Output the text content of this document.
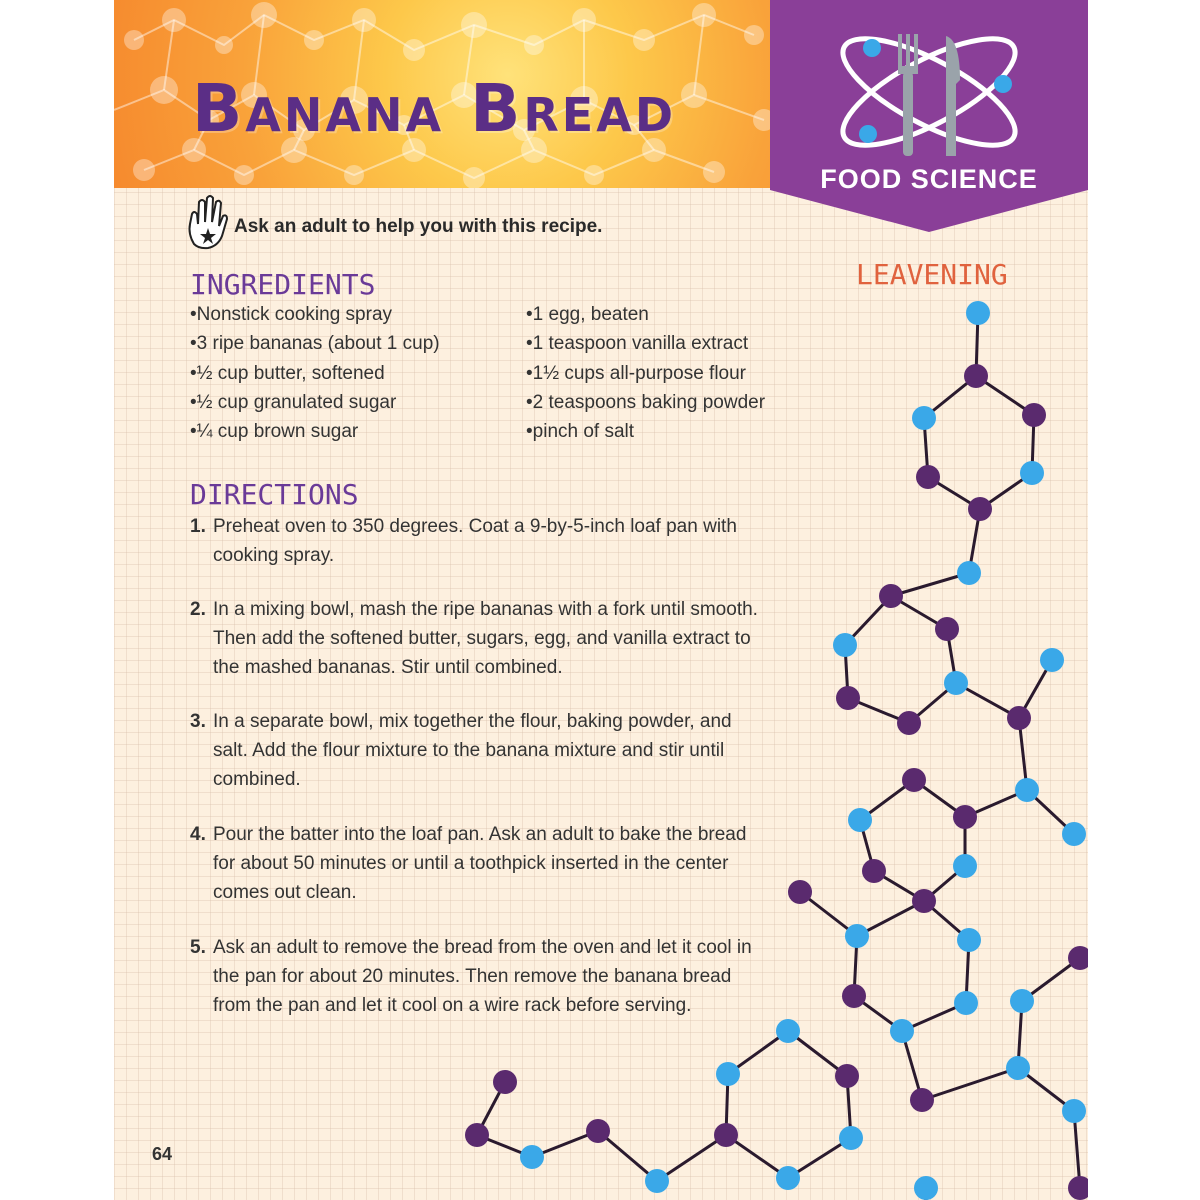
Banana Bread
FOOD SCIENCE
Ask an adult to help you with this recipe.
INGREDIENTS
• Nonstick cooking spray
• 3 ripe bananas (about 1 cup)
• ½ cup butter, softened
• ½ cup granulated sugar
• ¼ cup brown sugar
• 1 egg, beaten
• 1 teaspoon vanilla extract
• 1½ cups all-purpose flour
• 2 teaspoons baking powder
• pinch of salt
DIRECTIONS
1. Preheat oven to 350 degrees. Coat a 9-by-5-inch loaf pan with cooking spray.
2. In a mixing bowl, mash the ripe bananas with a fork until smooth. Then add the softened butter, sugars, egg, and vanilla extract to the mashed bananas. Stir until combined.
3. In a separate bowl, mix together the flour, baking powder, and salt. Add the flour mixture to the banana mixture and stir until combined.
4. Pour the batter into the loaf pan. Ask an adult to bake the bread for about 50 minutes or until a toothpick inserted in the center comes out clean.
5. Ask an adult to remove the bread from the oven and let it cool in the pan for about 20 minutes. Then remove the banana bread from the pan and let it cool on a wire rack before serving.
LEAVENING
64
